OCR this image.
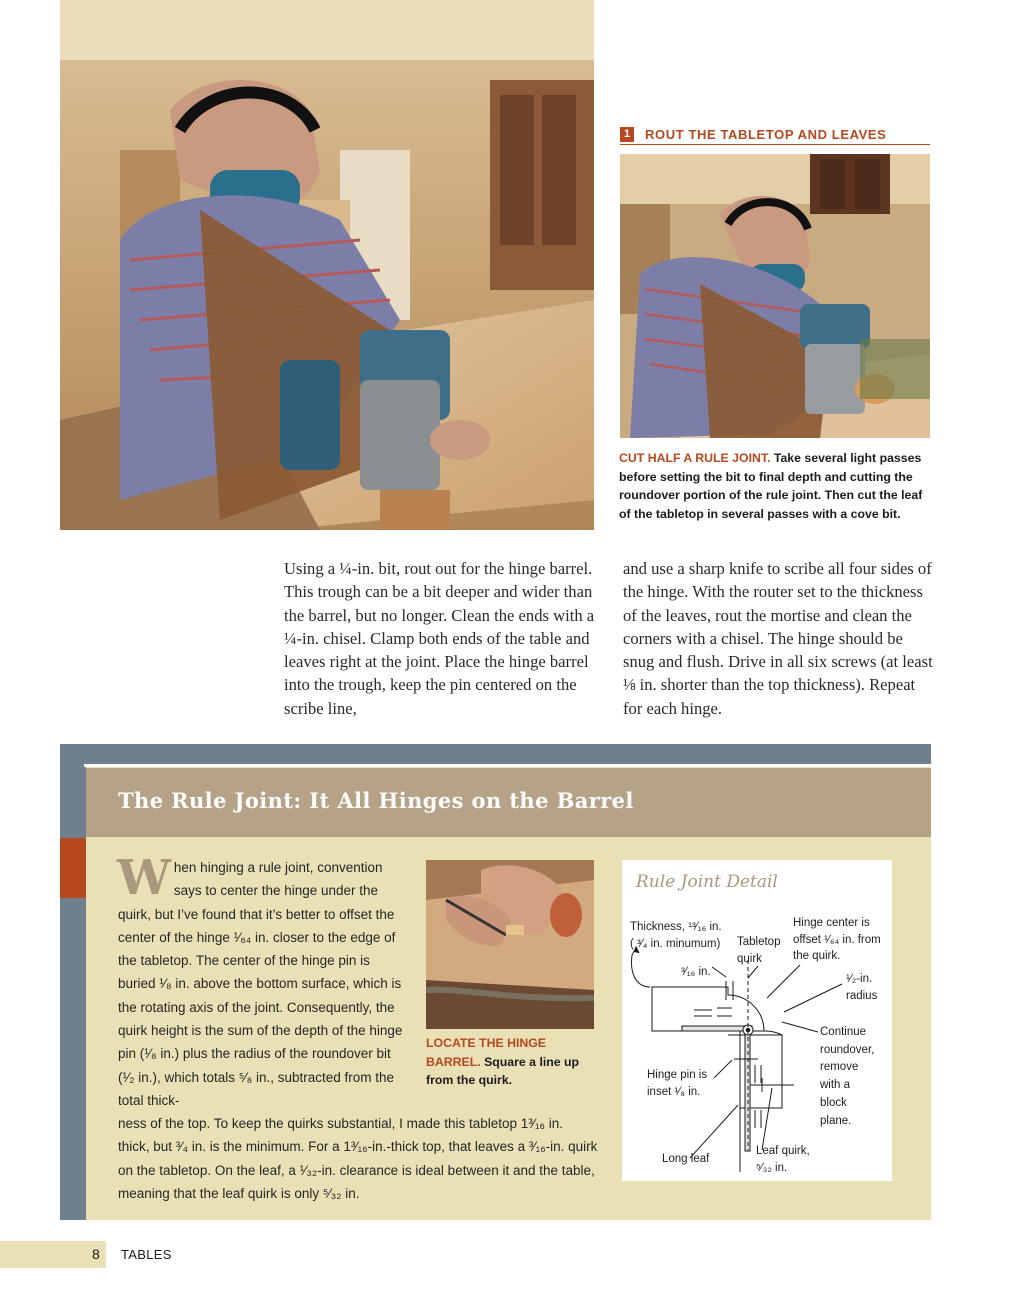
1	ROUT THE TABLETOP AND LEAVES
CUT HALF A RULE JOINT. Take several light passes before setting the bit to final depth and cutting the roundover portion of the rule joint. Then cut the leaf of the tabletop in several passes with a cove bit.
Using a ¼-in. bit, rout out for the hinge barrel. This trough can be a bit deeper and wider than the barrel, but no longer. Clean the ends with a ¼-in. chisel. Clamp both ends of the table and leaves right at the joint. Place the hinge barrel into the trough, keep the pin centered on the scribe line,
and use a sharp knife to scribe all four sides of the hinge. With the router set to the thickness of the leaves, rout the mortise and clean the corners with a chisel. The hinge should be snug and flush. Drive in all six screws (at least ⅛ in. shorter than the top thickness). Repeat for each hinge.
The Rule Joint: It All Hinges on the Barrel
When hinging a rule joint, convention says to center the hinge under the quirk, but I’ve found that it’s better to offset the center of the hinge ¹⁄₆₄ in. closer to the edge of the tabletop. The center of the hinge pin is buried ¹⁄₈ in. above the bottom surface, which is the rotating axis of the joint. Consequently, the quirk height is the sum of the depth of the hinge pin (¹⁄₈ in.) plus the radius of the roundover bit (¹⁄₂ in.), which totals ⁵⁄₈ in., subtracted from the total thick-
ness of the top. To keep the quirks substantial, I made this tabletop 1³⁄₁₆ in. thick, but ³⁄₄ in. is the minimum. For a 1³⁄₁₆-in.-thick top, that leaves a ³⁄₁₆-in. quirk on the tabletop. On the leaf, a ¹⁄₃₂-in. clearance is ideal between it and the table, meaning that the leaf quirk is only ⁵⁄₃₂ in.
LOCATE THE HINGE BARREL. Square a line up from the quirk.
Rule Joint Detail
Thickness, ¹³⁄₁₆ in.
( ³⁄₄ in. minumum) Tabletop
quirk
Hinge center is
offset ¹⁄₆₄ in. from
the quirk.
³⁄₁₆ in.
¹⁄₂-in.
radius
Continue
roundover,
remove
with a
block
plane.
Hinge pin is
inset ¹⁄₈ in.
Long leaf
Leaf quirk,
⁵⁄₃₂ in.
8 TABLES
